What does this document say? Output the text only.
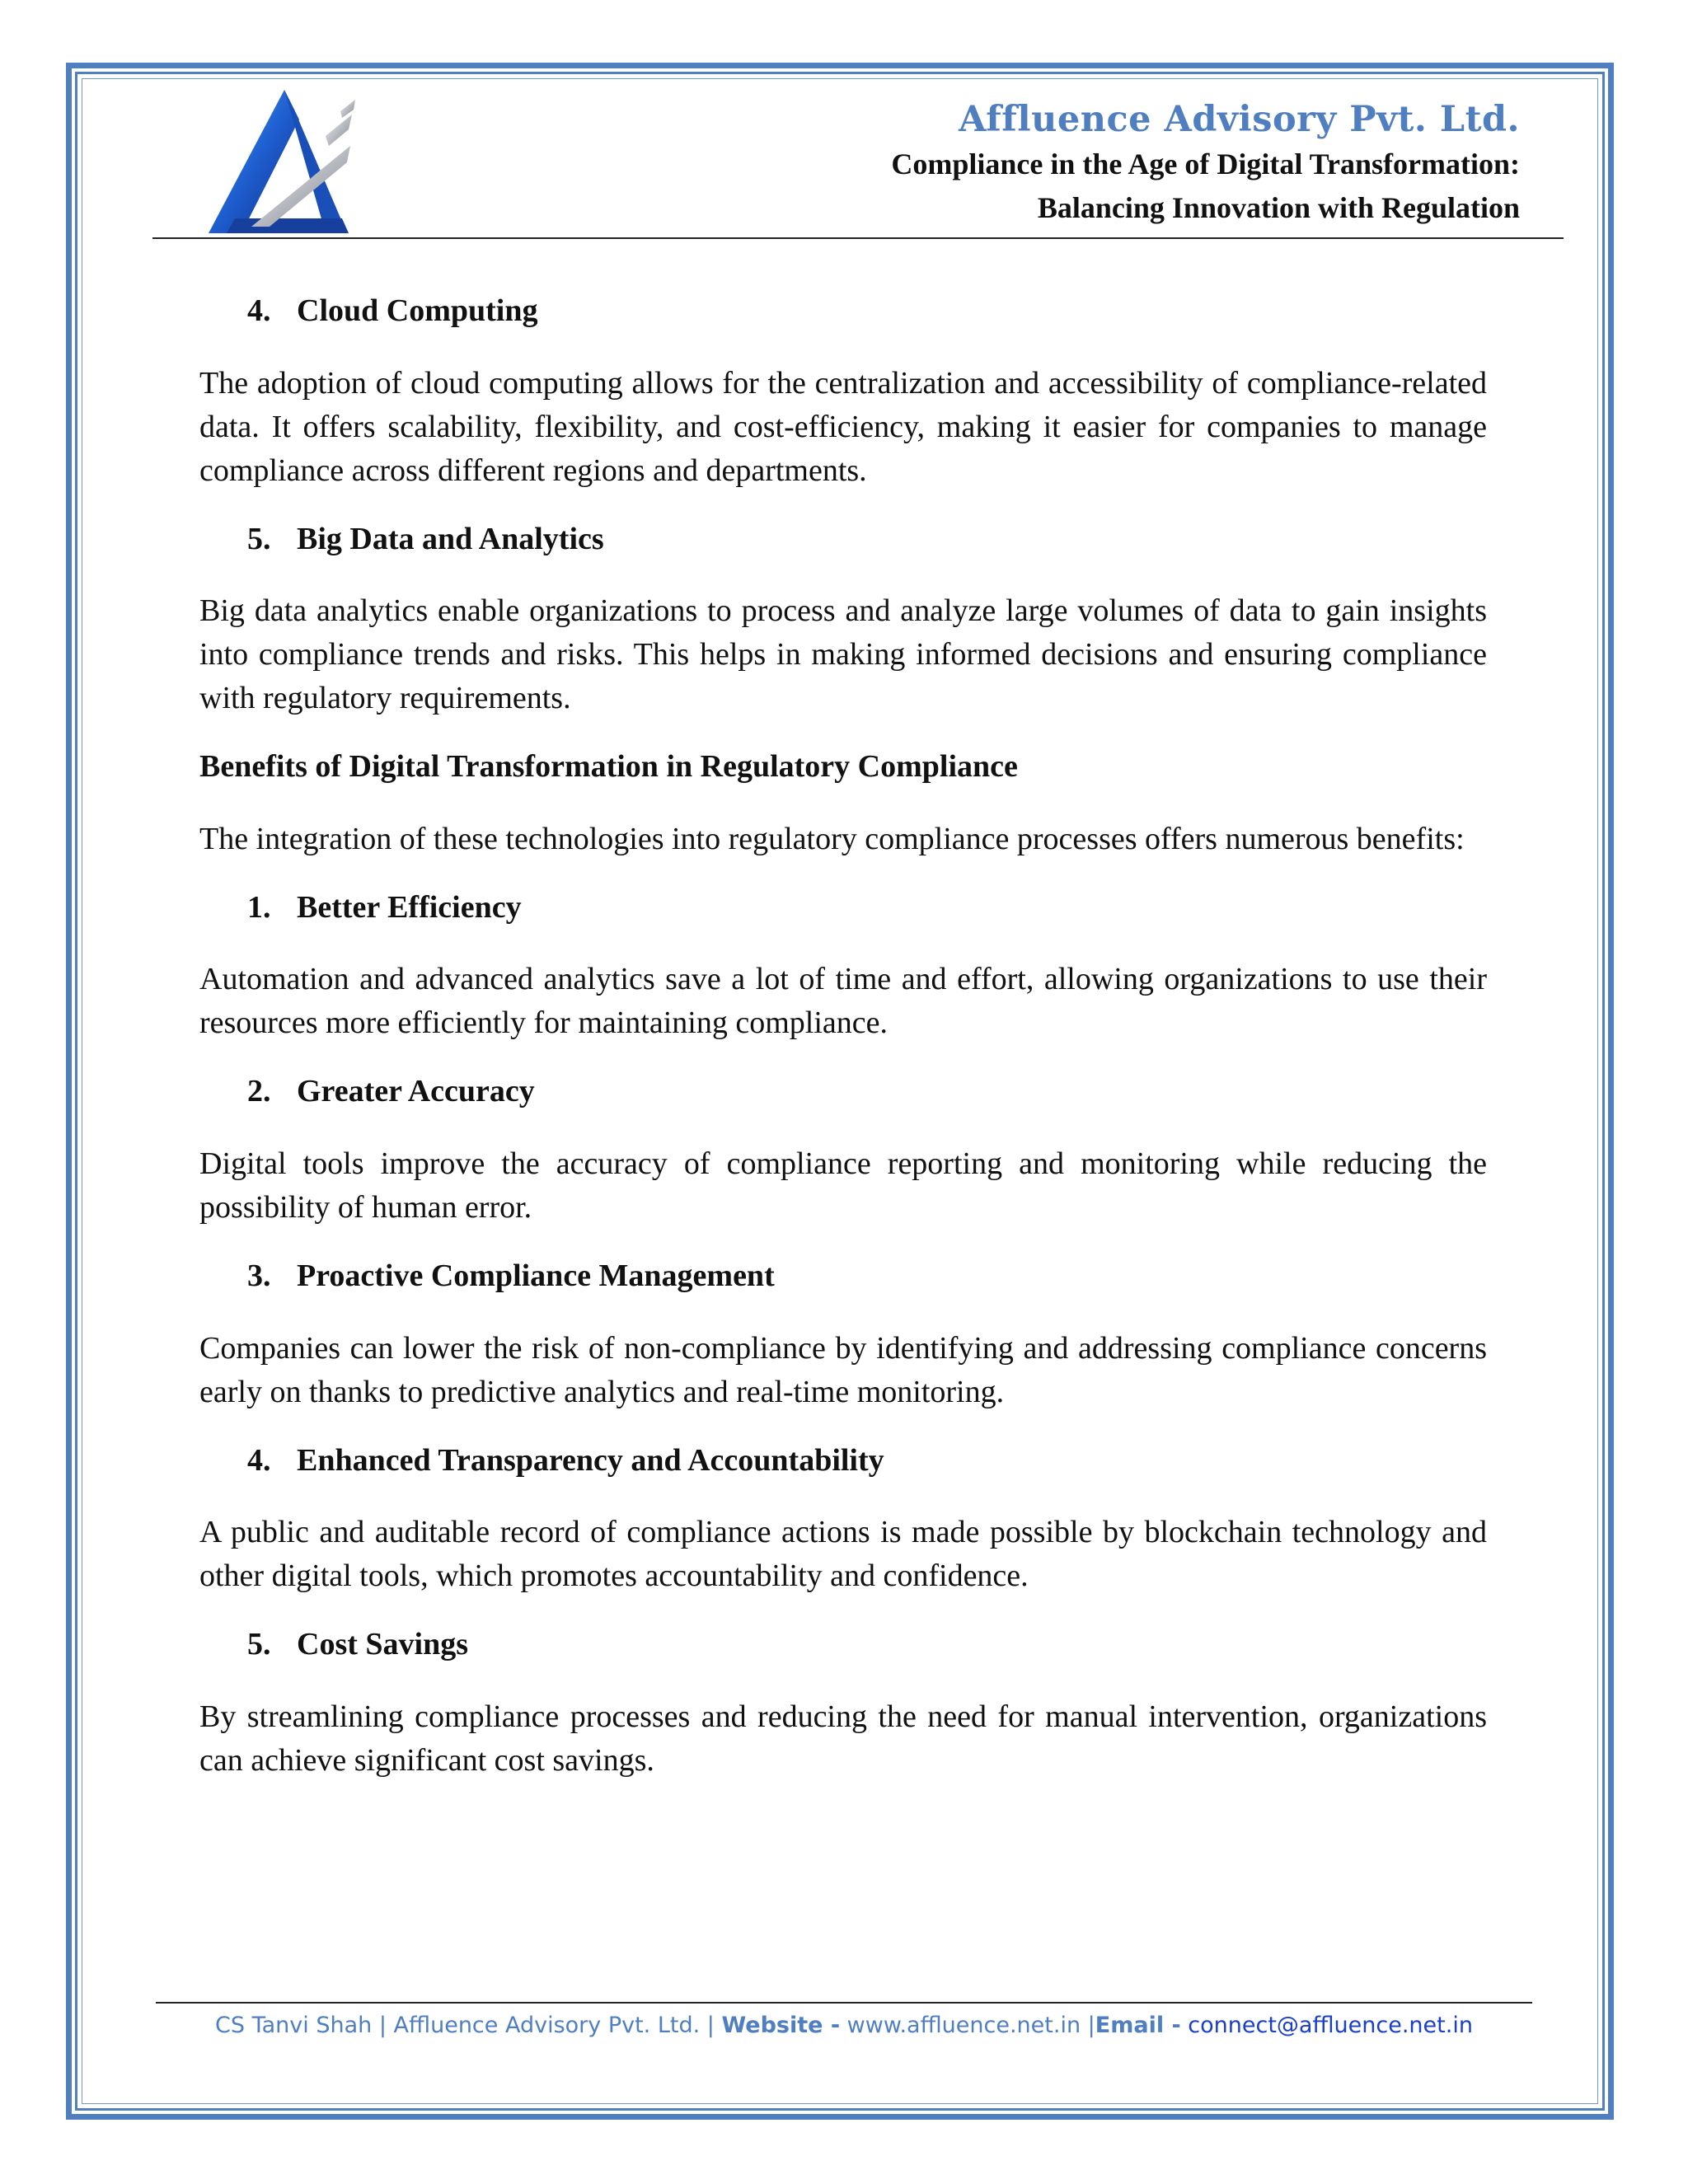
Affluence Advisory Pvt. Ltd.
Compliance in the Age of Digital Transformation:
Balancing Innovation with Regulation
4. Cloud Computing

The adoption of cloud computing allows for the centralization and accessibility of compliance-related data. It offers scalability, flexibility, and cost-efficiency, making it easier for companies to manage compliance across different regions and departments.

5. Big Data and Analytics

Big data analytics enable organizations to process and analyze large volumes of data to gain insights into compliance trends and risks. This helps in making informed decisions and ensuring compliance with regulatory requirements.

Benefits of Digital Transformation in Regulatory Compliance

The integration of these technologies into regulatory compliance processes offers numerous benefits:

1. Better Efficiency

Automation and advanced analytics save a lot of time and effort, allowing organizations to use their resources more efficiently for maintaining compliance.

2. Greater Accuracy

Digital tools improve the accuracy of compliance reporting and monitoring while reducing the possibility of human error.

3. Proactive Compliance Management

Companies can lower the risk of non-compliance by identifying and addressing compliance concerns early on thanks to predictive analytics and real-time monitoring.

4. Enhanced Transparency and Accountability

A public and auditable record of compliance actions is made possible by blockchain technology and other digital tools, which promotes accountability and confidence.

5. Cost Savings

By streamlining compliance processes and reducing the need for manual intervention, organizations can achieve significant cost savings.

CS Tanvi Shah | Affluence Advisory Pvt. Ltd. | Website - www.affluence.net.in |Email - connect@affluence.net.in
